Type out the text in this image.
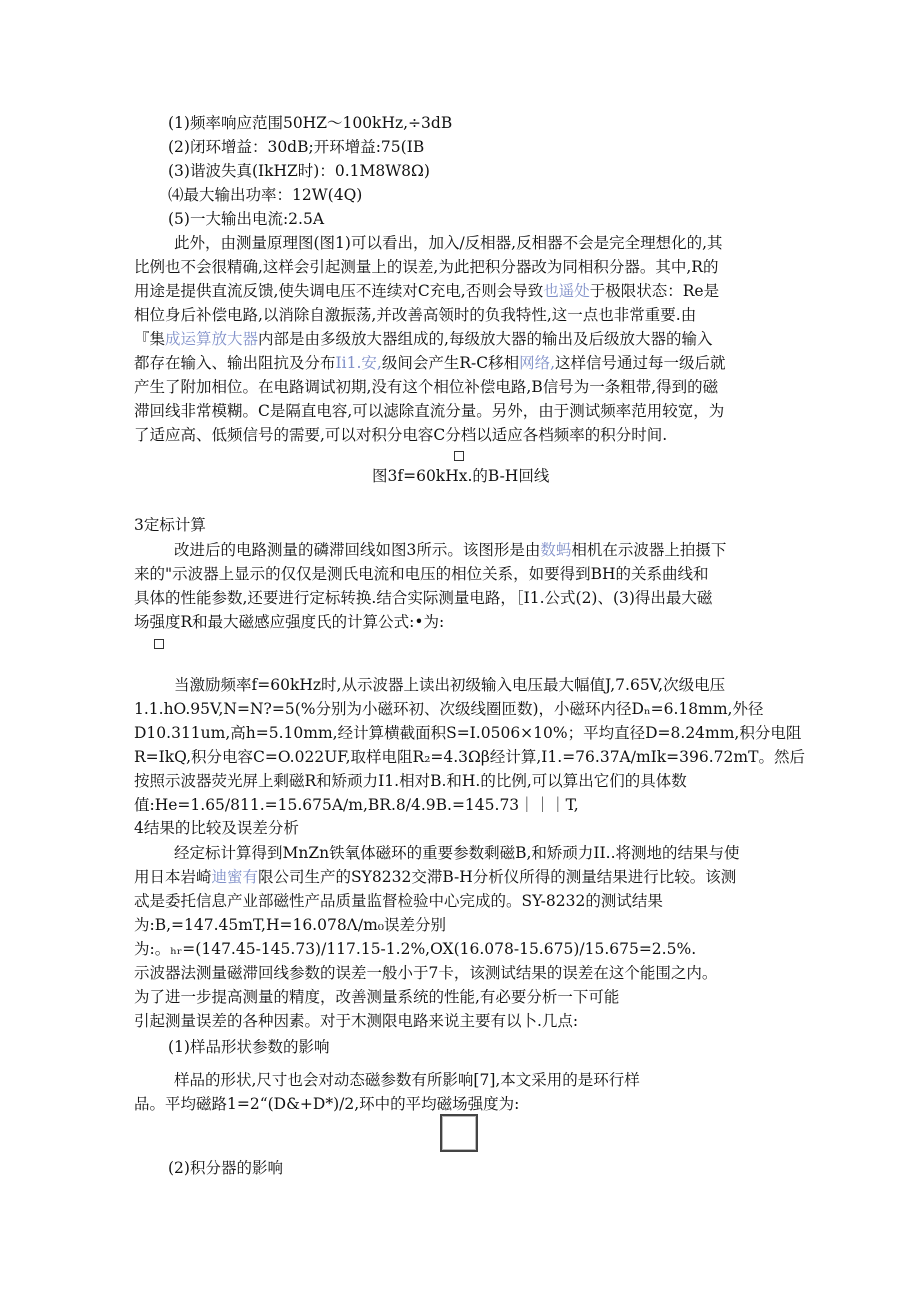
(1)频率响应范围50HZ～100kHz,÷3dB
(2)闭环增益：30dB;开环增益:75(IB
(3)谐波失真(IkHZ时)：0.1M8W8Ω)
⑷最大输出功率：12W(4Q)
(5)一大输出电流:2.5A
此外，由测量原理图(图1)可以看出，加入/反相器,反相器不会是完全理想化的,其
比例也不会很精确,这样会引起测量上的误差,为此把积分器改为同相积分器。其中,R的
用途是提供直流反馈,使失调电压不连续对C充电,否则会导致也遥处于极限状态：Re是
相位身后补偿电路,以消除自激振荡,并改善高领时的负我特性,这一点也非常重要.由
『集成运算放大器内部是由多级放大器组成的,每级放大器的输出及后级放大器的输入
都存在输入、输出阻抗及分布Ii1.安,级间会产生R-C移相网络,这样信号通过每一级后就
产生了附加相位。在电路调试初期,没有这个相位补偿电路,B信号为一条粗带,得到的磁
滞回线非常模糊。C是隔直电容,可以滤除直流分量。另外，由于测试频率范用较宽，为
了适应高、低频信号的需要,可以对积分电容C分档以适应各档频率的积分时间.
图3f=60kHx.的B-H回线
3定标计算
改进后的电路测量的磷滞回线如图3所示。该图形是由数蚂相机在示波器上拍摄下
来的"示波器上显示的仅仅是测氏电流和电压的相位关系，如要得到BH的关系曲线和
具体的性能参数,还要进行定标转换.结合实际测量电路，［I1.公式(2)、(3)得出最大磁
场强度R和最大磁感应强度氏的计算公式:•为:
当激励频率f=60kHz时,从示波器上读出初级输入电压最大幅值J,7.65V,次级电压
1.1.hO.95V,N=N?=5(%分别为小磁环初、次级线圈匝数)，小磁环内径Dₙ=6.18mm,外径
D10.311um,高h=5.10mm,经计算横截面积S=I.0506×10%；平均直径D=8.24mm,积分电阻
R=IkQ,积分电容C=O.022UF,取样电阻R₂=4.3Ωβ经计算,I1.=76.37A∕mIk=396.72mT。然后
按照示波器荧光屏上剩磁R和矫顽力I1.相对B.和H.的比例,可以算出它们的具体数
值:He=1.65/811.=15.675A∕m,BR.8/4.9B.=145.73｜｜｜T,
4结果的比较及误差分析
经定标计算得到MnZn铁氧体磁环的重要参数剩磁B,和矫顽力II..将测地的结果与使
用日本岩崎迪蜜有限公司生产的SY8232交滞B-H分析仪所得的测量结果进行比较。该测
忒是委托信息产业部磁性产品质量监督检验中心完成的。SY-8232的测试结果
为:B,=147.45mT,H=16.078Λ∕m₀误差分别
为:。ₕᵣ=(147.45-145.73)/117.15-1.2%,OX(16.078-15.675)/15.675=2.5%.
示波器法测量磁滞回线参数的误差一般小于7卡，该测试结果的误差在这个能围之内。
为了进一步提高测量的精度，改善测量系统的性能,有必要分析一下可能
引起测量误差的各种因素。对于木测限电路来说主要有以卜.几点:
(1)样品形状参数的影响
样品的形状,尺寸也会对动态磁参数有所影响[7],本文采用的是环行样
品。平均磁路1=2“(D&+D*)/2,环中的平均磁场强度为:
(2)积分器的影响
